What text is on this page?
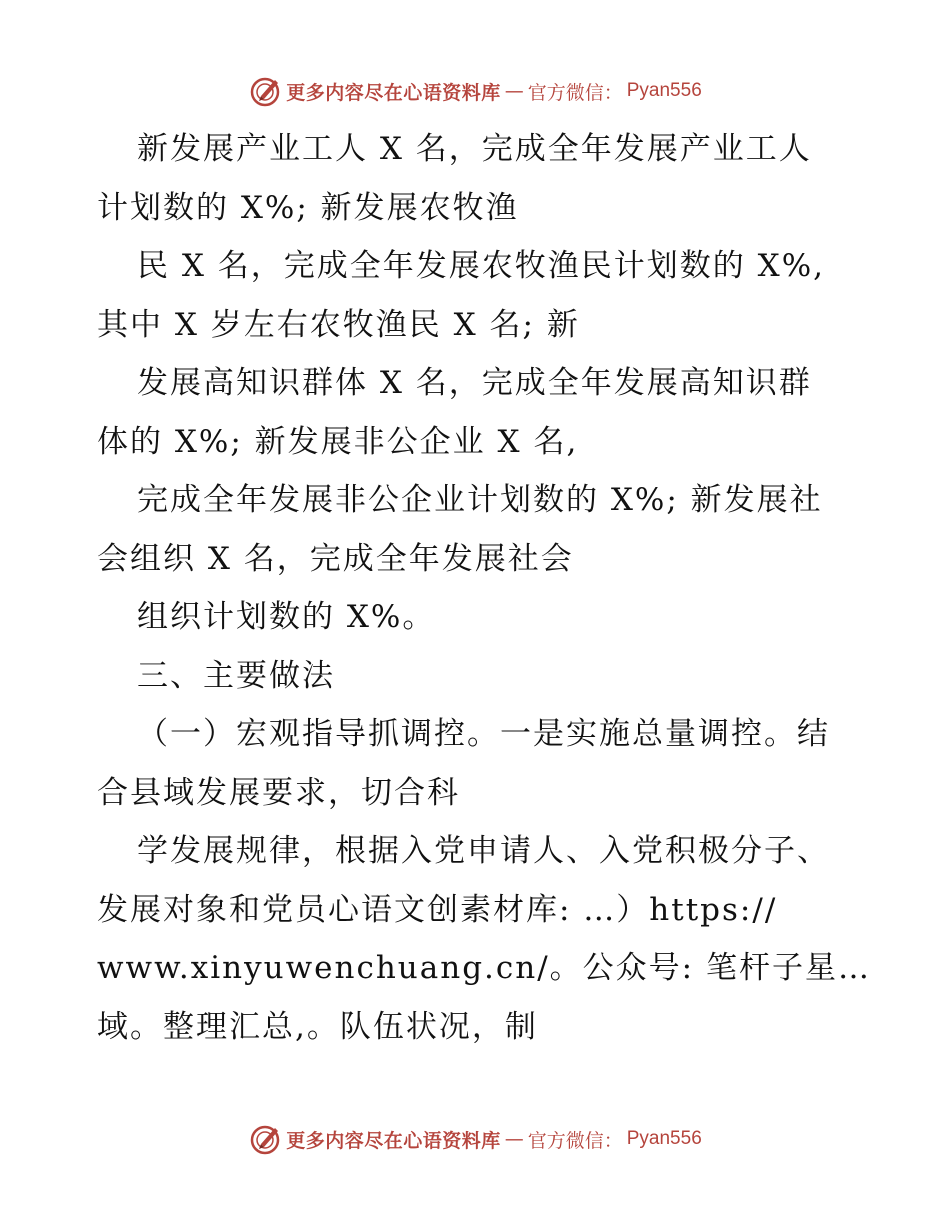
更多内容尽在心语资料库 — 官方微信： Pyan556
新发展产业工人 X 名，完成全年发展产业工人
计划数的 X%; 新发展农牧渔
民 X 名，完成全年发展农牧渔民计划数的 X%,
其中 X 岁左右农牧渔民 X 名; 新
发展高知识群体 X 名，完成全年发展高知识群
体的 X%; 新发展非公企业 X 名,
完成全年发展非公企业计划数的 X%; 新发展社
会组织 X 名，完成全年发展社会
组织计划数的 X%。
三、主要做法
（一）宏观指导抓调控。一是实施总量调控。结
合县域发展要求，切合科
学发展规律，根据入党申请人、入党积极分子、
发展对象和党员心语文创素材库: …）https://
www.xinyuwenchuang.cn/。公众号: 笔杆子星…
域。整理汇总,。队伍状况，制
更多内容尽在心语资料库 — 官方微信： Pyan556
